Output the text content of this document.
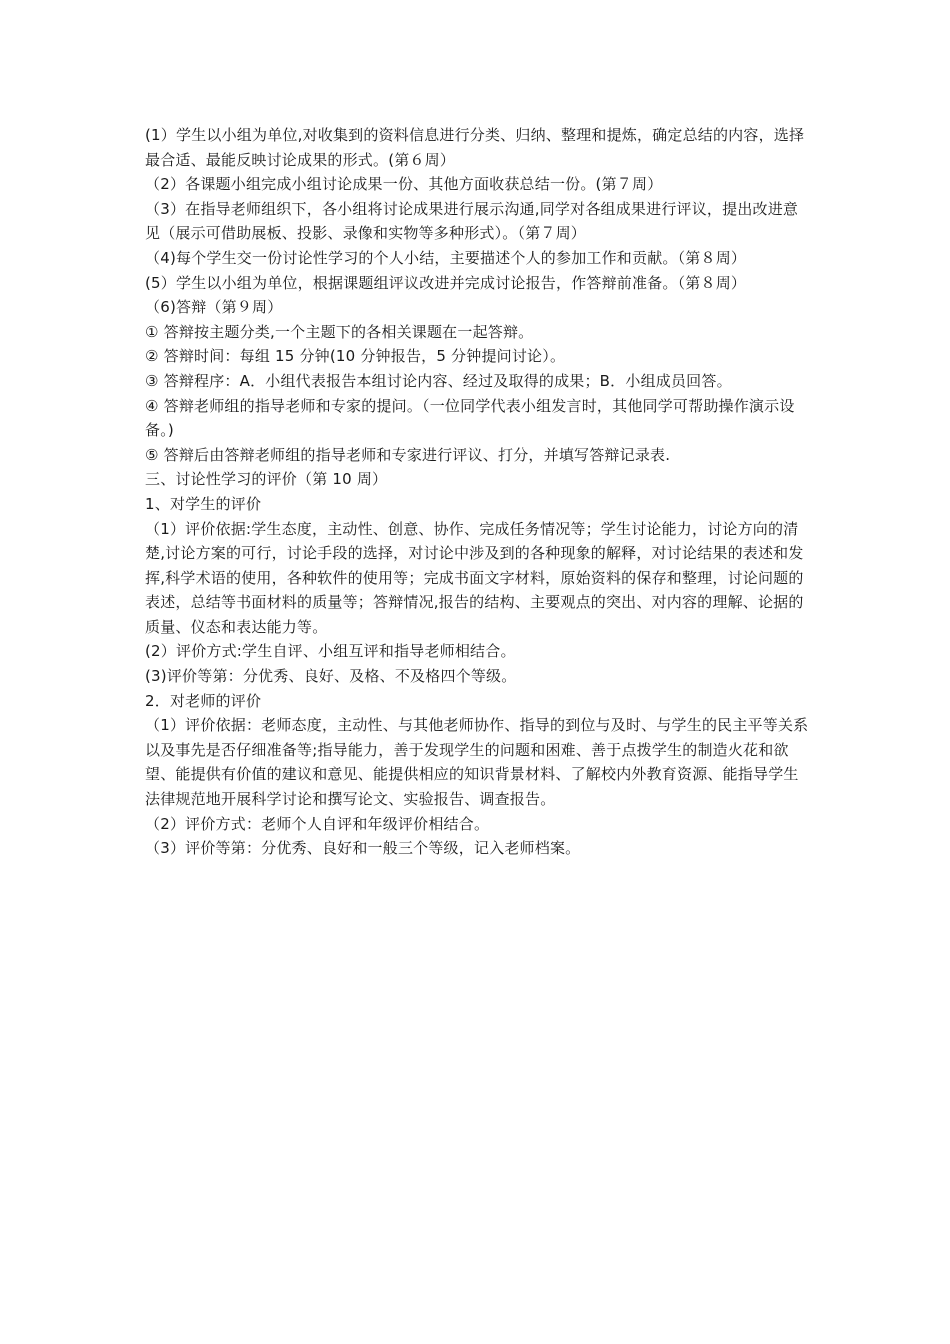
(1）学生以小组为单位,对收集到的资料信息进行分类、归纳、整理和提炼，确定总结的内容，选择最合适、最能反映讨论成果的形式。(第６周）

（2）各课题小组完成小组讨论成果一份、其他方面收获总结一份。(第７周）

（3）在指导老师组织下，各小组将讨论成果进行展示沟通,同学对各组成果进行评议，提出改进意见（展示可借助展板、投影、录像和实物等多种形式）。（第７周）

（4)每个学生交一份讨论性学习的个人小结，主要描述个人的参加工作和贡献。（第８周）

(5）学生以小组为单位，根据课题组评议改进并完成讨论报告，作答辩前准备。（第８周）

（6)答辩（第９周）

① 答辩按主题分类,一个主题下的各相关课题在一起答辩。

② 答辩时间：每组 15 分钟(10 分钟报告，5 分钟提问讨论）。

③ 答辩程序：A．小组代表报告本组讨论内容、经过及取得的成果；B．小组成员回答。

④ 答辩老师组的指导老师和专家的提问。（一位同学代表小组发言时，其他同学可帮助操作演示设备。)

⑤ 答辩后由答辩老师组的指导老师和专家进行评议、打分，并填写答辩记录表.

三、讨论性学习的评价（第 10 周）

1、对学生的评价

（1）评价依据:学生态度，主动性、创意、协作、完成任务情况等；学生讨论能力，讨论方向的清楚,讨论方案的可行，讨论手段的选择，对讨论中涉及到的各种现象的解释，对讨论结果的表述和发挥,科学术语的使用，各种软件的使用等；完成书面文字材料，原始资料的保存和整理，讨论问题的表述，总结等书面材料的质量等；答辩情况,报告的结构、主要观点的突出、对内容的理解、论据的质量、仪态和表达能力等。

(2）评价方式:学生自评、小组互评和指导老师相结合。

(3)评价等第：分优秀、良好、及格、不及格四个等级。

2．对老师的评价

（1）评价依据：老师态度，主动性、与其他老师协作、指导的到位与及时、与学生的民主平等关系以及事先是否仔细准备等;指导能力，善于发现学生的问题和困难、善于点拨学生的制造火花和欲望、能提供有价值的建议和意见、能提供相应的知识背景材料、了解校内外教育资源、能指导学生法律规范地开展科学讨论和撰写论文、实验报告、调查报告。

（2）评价方式：老师个人自评和年级评价相结合。

（3）评价等第：分优秀、良好和一般三个等级，记入老师档案。
